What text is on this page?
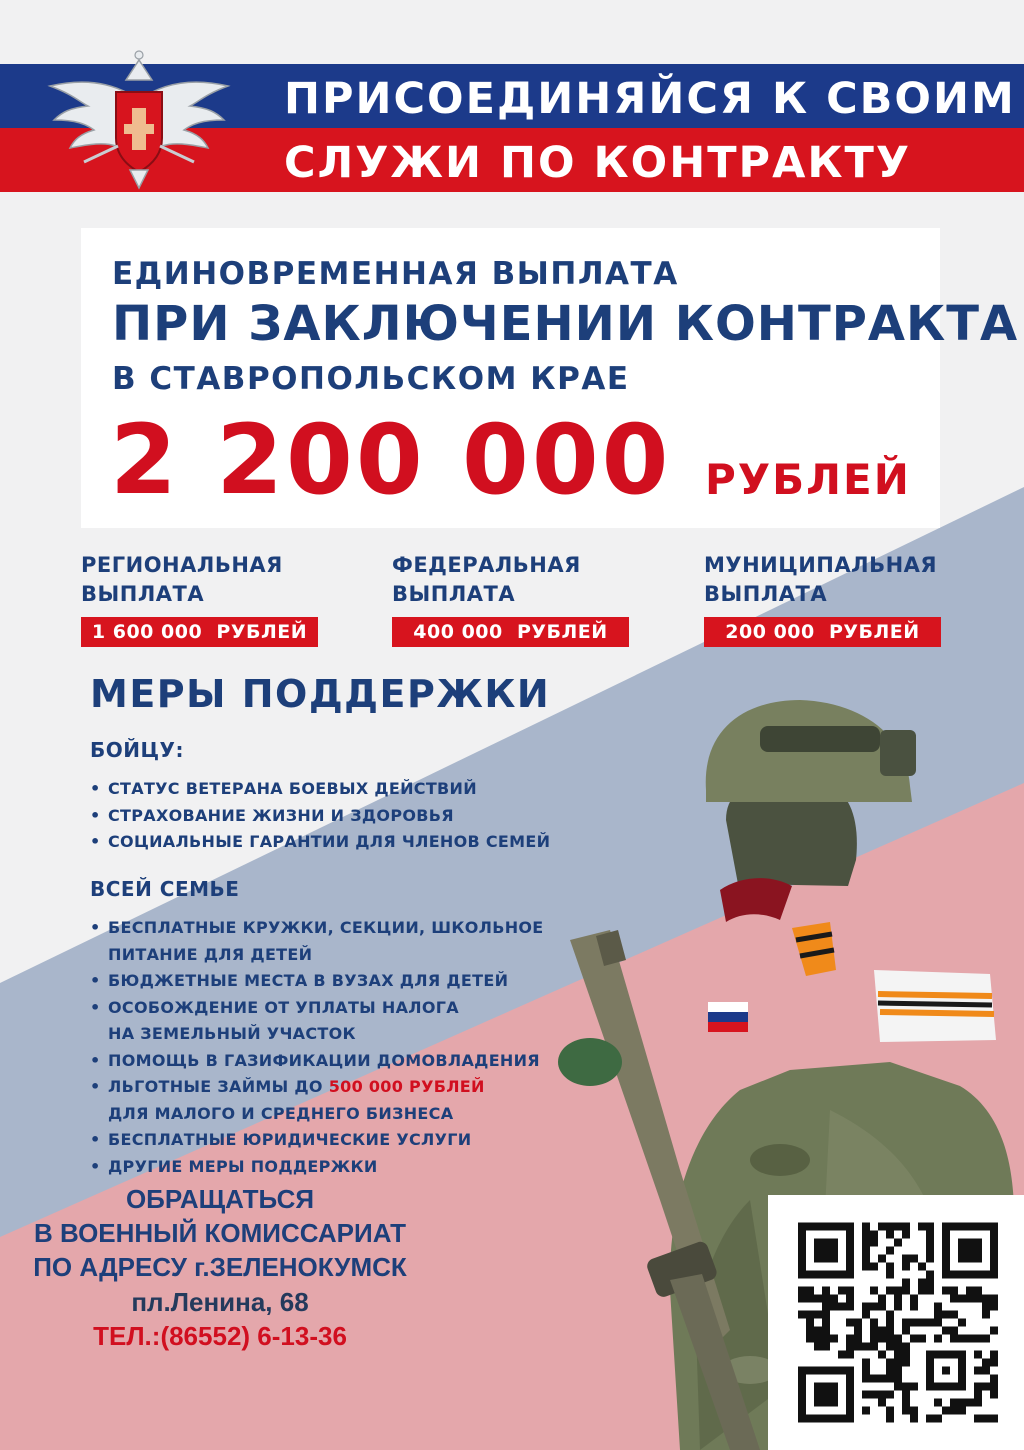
ПРИСОЕДИНЯЙСЯ К СВОИМ
СЛУЖИ ПО КОНТРАКТУ
ЕДИНОВРЕМЕННАЯ ВЫПЛАТА
ПРИ ЗАКЛЮЧЕНИИ КОНТРАКТА
В СТАВРОПОЛЬСКОМ КРАЕ
2 200 000 РУБЛЕЙ
РЕГИОНАЛЬНАЯ
ВЫПЛАТА
1 600 000  РУБЛЕЙ
ФЕДЕРАЛЬНАЯ
ВЫПЛАТА
400 000  РУБЛЕЙ
МУНИЦИПАЛЬНАЯ
ВЫПЛАТА
200 000  РУБЛЕЙ
МЕРЫ ПОДДЕРЖКИ
БОЙЦУ:
• СТАТУС ВЕТЕРАНА БОЕВЫХ ДЕЙСТВИЙ
• СТРАХОВАНИЕ ЖИЗНИ И ЗДОРОВЬЯ
• СОЦИАЛЬНЫЕ ГАРАНТИИ ДЛЯ ЧЛЕНОВ СЕМЕЙ
ВСЕЙ СЕМЬЕ
• БЕСПЛАТНЫЕ КРУЖКИ, СЕКЦИИ, ШКОЛЬНОЕ
ПИТАНИЕ ДЛЯ ДЕТЕЙ
• БЮДЖЕТНЫЕ МЕСТА В ВУЗАХ ДЛЯ ДЕТЕЙ
• ОСОБОЖДЕНИЕ ОТ УПЛАТЫ НАЛОГА
НА ЗЕМЕЛЬНЫЙ УЧАСТОК
• ПОМОЩЬ В ГАЗИФИКАЦИИ ДОМОВЛАДЕНИЯ
• ЛЬГОТНЫЕ ЗАЙМЫ ДО 500 000 РУБЛЕЙ
ДЛЯ МАЛОГО И СРЕДНЕГО БИЗНЕСА
• БЕСПЛАТНЫЕ ЮРИДИЧЕСКИЕ УСЛУГИ
• ДРУГИЕ МЕРЫ ПОДДЕРЖКИ
ОБРАЩАТЬСЯ
В ВОЕННЫЙ КОМИССАРИАТ
ПО АДРЕСУ г.ЗЕЛЕНОКУМСК
пл.Ленина, 68
ТЕЛ.:(86552) 6-13-36
